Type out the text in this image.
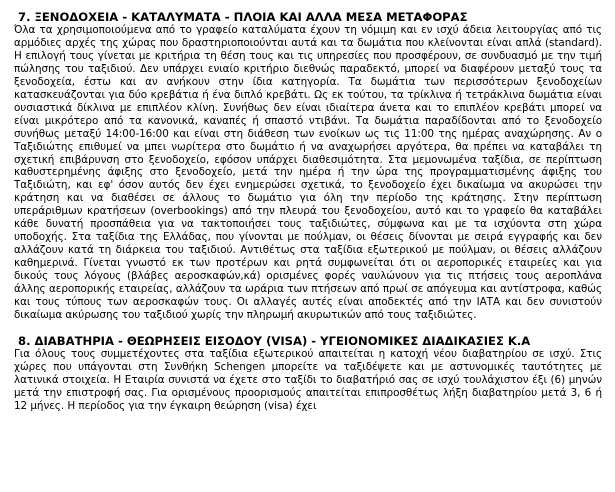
7. ΞΕΝΟΔΟΧΕΙΑ - ΚΑΤΑΛΥΜΑΤΑ - ΠΛΟΙΑ ΚΑΙ ΑΛΛΑ ΜΕΣΑ ΜΕΤΑΦΟΡΑΣ

Όλα τα χρησιμοποιούμενα από το γραφείο καταλύματα έχουν τη νόμιμη και εν ισχύ άδεια λειτουργίας από τις αρμόδιες αρχές της χώρας που δραστηριοποιούνται αυτά και τα δωμάτια που κλείνονται είναι απλά (standard). Η επιλογή τους γίνεται με κριτήρια τη θέση τους και τις υπηρεσίες που προσφέρουν, σε συνδυασμό με την τιμή πώλησης του ταξιδιού. Δεν υπάρχει ενιαίο κριτήριο διεθνώς παραδεκτό, μπορεί να διαφέρουν μεταξύ τους τα ξενοδοχεία, έστω και αν ανήκουν στην ίδια κατηγορία. Τα δωμάτια των περισσότερων ξενοδοχείων κατασκευάζονται για δύο κρεβάτια ή ένα διπλό κρεβάτι. Ως εκ τούτου, τα τρίκλινα ή τετράκλινα δωμάτια είναι ουσιαστικά δίκλινα με επιπλέον κλίνη. Συνήθως δεν είναι ιδιαίτερα άνετα και το επιπλέον κρεβάτι μπορεί να είναι μικρότερο από τα κανονικά, καναπές ή σπαστό ντιβάνι. Τα δωμάτια παραδίδονται από το ξενοδοχείο συνήθως μεταξύ 14:00-16:00 και είναι στη διάθεση των ενοίκων ως τις 11:00 της ημέρας αναχώρησης. Αν ο Ταξιδιώτης επιθυμεί να μπει νωρίτερα στο δωμάτιο ή να αναχωρήσει αργότερα, θα πρέπει να καταβάλει τη σχετική επιβάρυνση στο ξενοδοχείο, εφόσον υπάρχει διαθεσιμότητα. Στα μεμονωμένα ταξίδια, σε περίπτωση καθυστερημένης άφιξης στο ξενοδοχείο, μετά την ημέρα ή την ώρα της προγραμματισμένης άφιξης του Ταξιδιώτη, και εφ' όσον αυτός δεν έχει ενημερώσει σχετικά, το ξενοδοχείο έχει δικαίωμα να ακυρώσει την κράτηση και να διαθέσει σε άλλους το δωμάτιο για όλη την περίοδο της κράτησης. Στην περίπτωση υπεράριθμων κρατήσεων (overbookings) από την πλευρά του ξενοδοχείου, αυτό και το γραφείο θα καταβάλει κάθε δυνατή προσπάθεια για να τακτοποιήσει τους ταξιδιώτες, σύμφωνα και με τα ισχύοντα στη χώρα υποδοχής. Στα ταξίδια της Ελλάδας, που γίνονται με πούλμαν, οι θέσεις δίνονται με σειρά εγγραφής και δεν αλλάζουν κατά τη διάρκεια του ταξιδιού. Αντιθέτως στα ταξίδια εξωτερικού με πούλμαν, οι θέσεις αλλάζουν καθημερινά. Γίνεται γνωστό εκ των προτέρων και ρητά συμφωνείται ότι οι αεροπορικές εταιρείες και για δικούς τους λόγους (βλάβες αεροσκαφών,κά) ορισμένες φορές ναυλώνουν για τις πτήσεις τους αεροπλάνα άλλης αεροπορικής εταιρείας, αλλάζουν τα ωράρια των πτήσεων από πρωί σε απόγευμα και αντίστροφα, καθώς και τους τύπους των αεροσκαφών τους. Οι αλλαγές αυτές είναι αποδεκτές από την ΙΑΤΑ και δεν συνιστούν δικαίωμα ακύρωσης του ταξιδιού χωρίς την πληρωμή ακυρωτικών από τους ταξιδιώτες.

8. ΔΙΑΒΑΤΗΡΙΑ - ΘΕΩΡΗΣΕΙΣ ΕΙΣΟΔΟΥ (VISA) - ΥΓΕΙΟΝΟΜΙΚΕΣ ΔΙΑΔΙΚΑΣΙΕΣ Κ.Α

Για όλους τους συμμετέχοντες στα ταξίδια εξωτερικού απαιτείται η κατοχή νέου διαβατηρίου σε ισχύ. Στις χώρες που υπάγονται στη Συνθήκη Schengen μπορείτε να ταξιδέψετε και με αστυνομικές ταυτότητες με λατινικά στοιχεία. Η Εταιρία συνιστά να έχετε στο ταξίδι το διαβατήριό σας σε ισχύ τουλάχιστον έξι (6) μηνών μετά την επιστροφή σας. Για ορισμένους προορισμούς απαιτείται επιπροσθέτως λήξη διαβατηρίου μετά 3, 6 ή 12 μήνες. Η περίοδος για την έγκαιρη θεώρηση (visa) έχει
